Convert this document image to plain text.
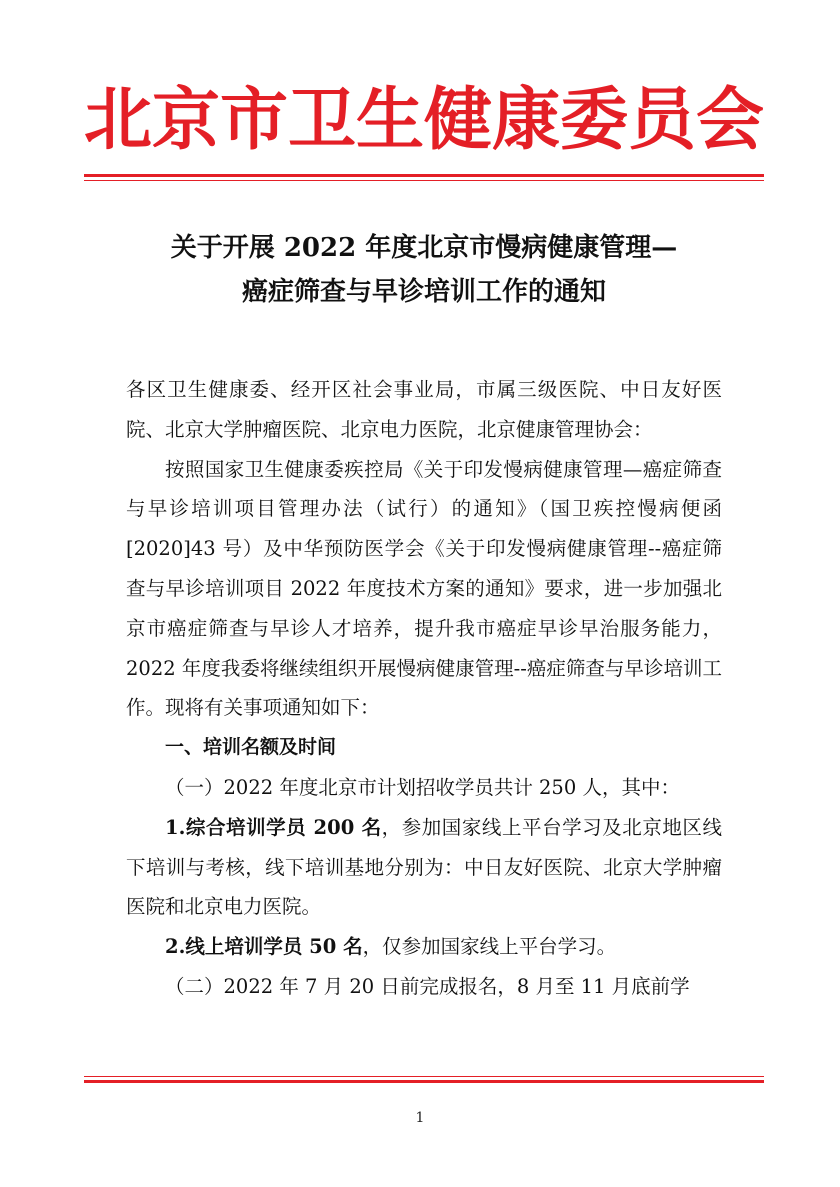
北京市卫生健康委员会
关于开展 2022 年度北京市慢病健康管理—
癌症筛查与早诊培训工作的通知

各区卫生健康委、经开区社会事业局，市属三级医院、中日友好医院、北京大学肿瘤医院、北京电力医院，北京健康管理协会：

按照国家卫生健康委疾控局《关于印发慢病健康管理—癌症筛查与早诊培训项目管理办法（试行）的通知》（国卫疾控慢病便函[2020]43 号）及中华预防医学会《关于印发慢病健康管理--癌症筛查与早诊培训项目 2022 年度技术方案的通知》要求，进一步加强北京市癌症筛查与早诊人才培养，提升我市癌症早诊早治服务能力，2022 年度我委将继续组织开展慢病健康管理--癌症筛查与早诊培训工作。现将有关事项通知如下：

一、培训名额及时间

（一）2022 年度北京市计划招收学员共计 250 人，其中：

1.综合培训学员 200 名，参加国家线上平台学习及北京地区线下培训与考核，线下培训基地分别为：中日友好医院、北京大学肿瘤医院和北京电力医院。

2.线上培训学员 50 名，仅参加国家线上平台学习。

（二）2022 年 7 月 20 日前完成报名，8 月至 11 月底前学

1
